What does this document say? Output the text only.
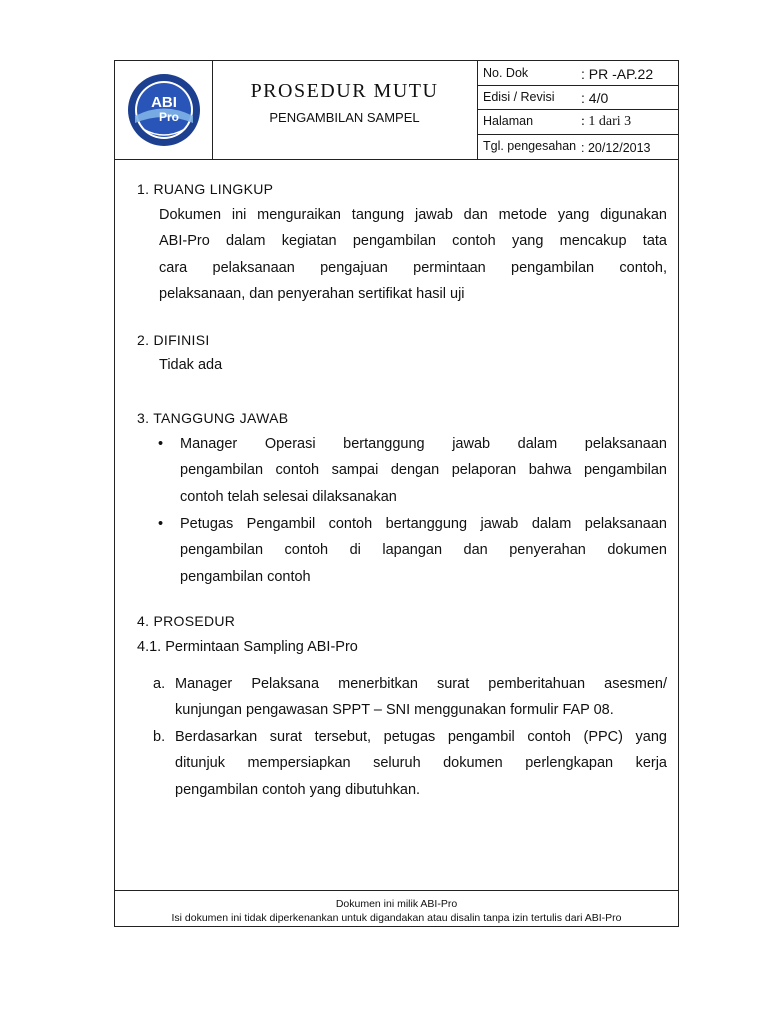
ABI
Pro
PROSEDUR MUTU
PENGAMBILAN SAMPEL
No. Dok	: PR -AP.22
Edisi / Revisi : 4/0
Halaman	: 1 dari 3
Tgl. pengesahan : 20/12/2013
1. RUANG LINGKUP
Dokumen ini menguraikan tangung jawab dan metode yang digunakan
ABI-Pro dalam kegiatan pengambilan contoh yang mencakup tata
cara pelaksanaan pengajuan permintaan pengambilan contoh,
pelaksanaan, dan penyerahan sertifikat hasil uji
2. DIFINISI
Tidak ada
3. TANGGUNG JAWAB
• Manager Operasi bertanggung jawab dalam pelaksanaan
pengambilan contoh sampai dengan pelaporan bahwa pengambilan
contoh telah selesai dilaksanakan
• Petugas Pengambil contoh bertanggung jawab dalam pelaksanaan
pengambilan contoh di lapangan dan penyerahan dokumen
pengambilan contoh
4. PROSEDUR
4.1. Permintaan Sampling ABI-Pro
a. Manager Pelaksana menerbitkan surat pemberitahuan asesmen/
kunjungan pengawasan SPPT – SNI menggunakan formulir FAP 08.
b. Berdasarkan surat tersebut, petugas pengambil contoh (PPC) yang
ditunjuk mempersiapkan seluruh dokumen perlengkapan kerja
pengambilan contoh yang dibutuhkan.
Dokumen ini milik ABI-Pro
Isi dokumen ini tidak diperkenankan untuk digandakan atau disalin tanpa izin tertulis dari ABI-Pro
